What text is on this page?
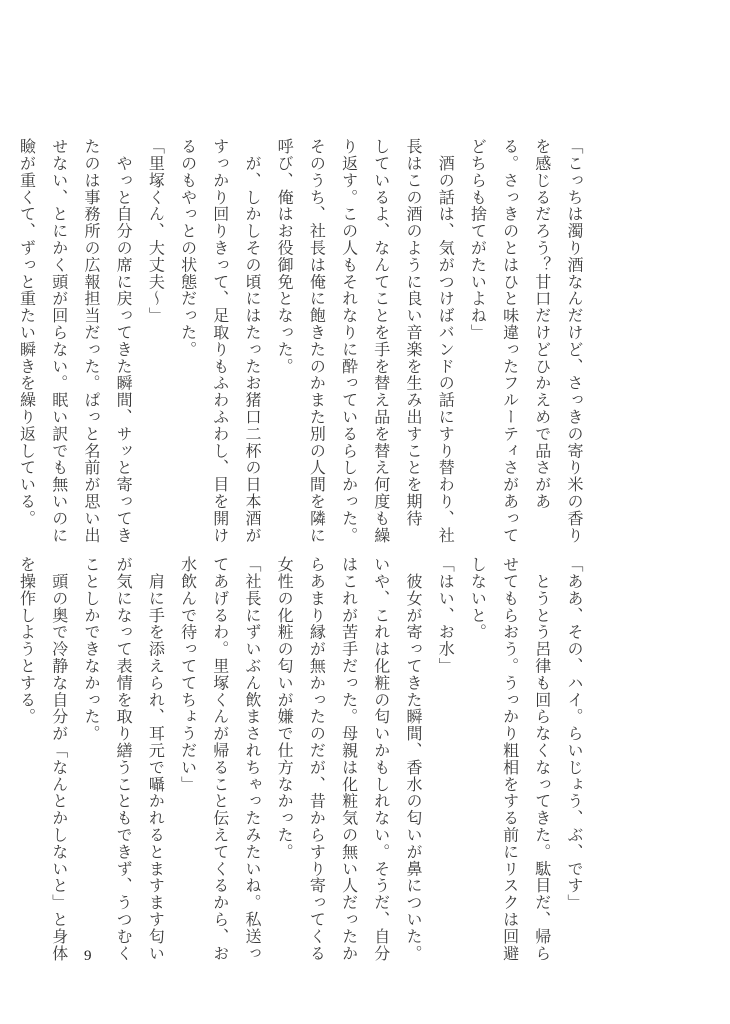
「こっちは濁り酒なんだけど、さっきの寄り米の香り
を感じるだろう？甘口だけどひかえめで品さがあ
る。さっきのとはひと味違ったフルーティさがあって
どちらも捨てがたいよね」
　酒の話は、気がつけばバンドの話にすり替わり、社
長はこの酒のように良い音楽を生み出すことを期待
しているよ、なんてことを手を替え品を替え何度も繰
り返す。この人もそれなりに酔っているらしかった。
そのうち、社長は俺に飽きたのかまた別の人間を隣に
呼び、俺はお役御免となった。
　が、しかしその頃にはたったお猪口二杯の日本酒が
すっかり回りきって、足取りもふわふわし、目を開け
るのもやっとの状態だった。
「里塚くん、大丈夫～」
　やっと自分の席に戻ってきた瞬間、サッと寄ってき
たのは事務所の広報担当だった。ぱっと名前が思い出
せない、とにかく頭が回らない。眠い訳でも無いのに
瞼が重くて、ずっと重たい瞬きを繰り返している。
「ああ、その、ハイ。らいじょう、ぶ、です」
　とうとう呂律も回らなくなってきた。駄目だ、帰ら
せてもらおう。うっかり粗相をする前にリスクは回避
しないと。
「はい、お水」
　彼女が寄ってきた瞬間、香水の匂いが鼻についた。
いや、これは化粧の匂いかもしれない。そうだ、自分
はこれが苦手だった。母親は化粧気の無い人だったか
らあまり縁が無かったのだが、昔からすり寄ってくる
女性の化粧の匂いが嫌で仕方なかった。
「社長にずいぶん飲まされちゃったみたいね。私送っ
てあげるわ。里塚くんが帰ること伝えてくるから、お
水飲んで待っててちょうだい」
　肩に手を添えられ、耳元で囁かれるとますます匂い
が気になって表情を取り繕うこともできず、うつむく
ことしかできなかった。
　頭の奥で冷静な自分が「なんとかしないと」と身体
を操作しようとする。
9
